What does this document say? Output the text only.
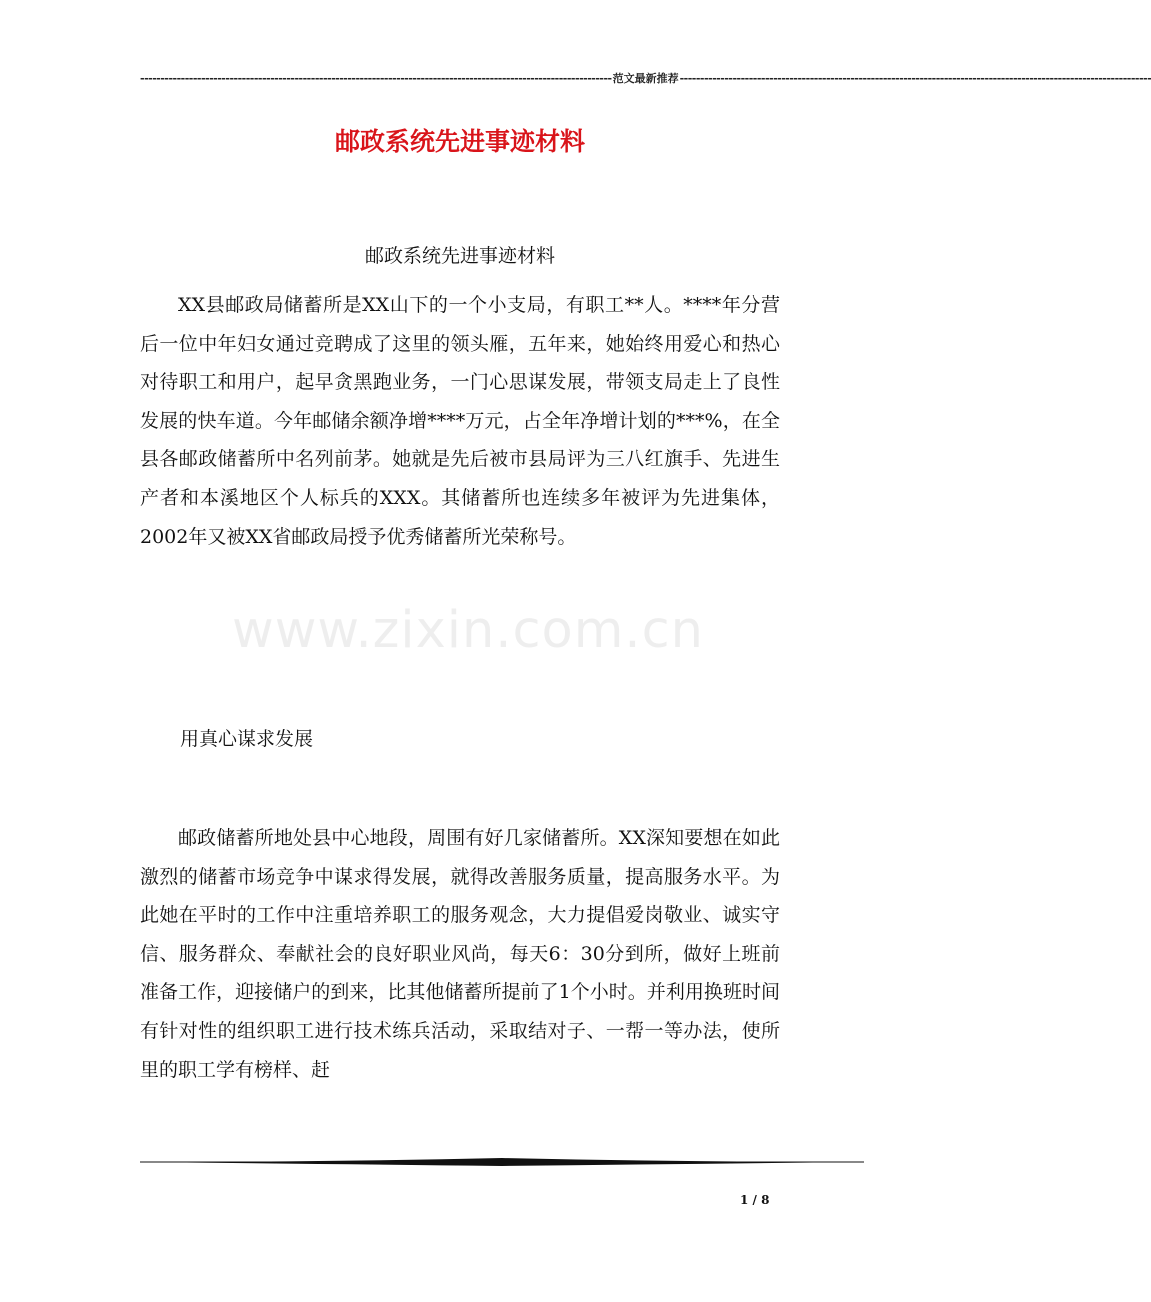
-------------------------------------------------------------------------------------------------------------------- 范文最新推荐 --------------------------------------------------------------------------------------------------------------------
邮政系统先进事迹材料
www.zixin.com.cn
邮政系统先进事迹材料
XX县邮政局储蓄所是XX山下的一个小支局，有职工**人。****年分营后一位中年妇女通过竞聘成了这里的领头雁，五年来，她始终用爱心和热心对待职工和用户，起早贪黑跑业务，一门心思谋发展，带领支局走上了良性发展的快车道。今年邮储余额净增****万元，占全年净增计划的***%，在全县各邮政储蓄所中名列前茅。她就是先后被市县局评为三八红旗手、先进生产者和本溪地区个人标兵的XXX。其储蓄所也连续多年被评为先进集体，2002年又被XX省邮政局授予优秀储蓄所光荣称号。
用真心谋求发展
邮政储蓄所地处县中心地段，周围有好几家储蓄所。XX深知要想在如此激烈的储蓄市场竞争中谋求得发展，就得改善服务质量，提高服务水平。为此她在平时的工作中注重培养职工的服务观念，大力提倡爱岗敬业、诚实守信、服务群众、奉献社会的良好职业风尚，每天6：30分到所，做好上班前准备工作，迎接储户的到来，比其他储蓄所提前了1个小时。并利用换班时间有针对性的组织职工进行技术练兵活动，采取结对子、一帮一等办法，使所里的职工学有榜样、赶
1 / 8
